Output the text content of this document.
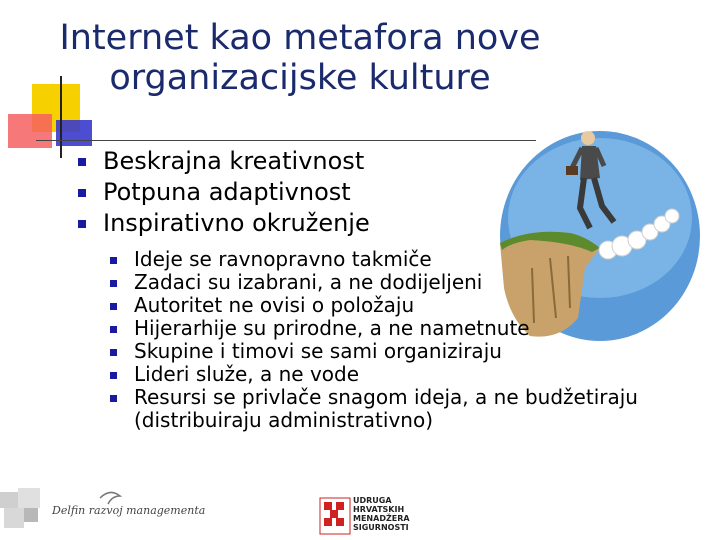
Internet kao metafora nove
organizacijske kulture
Beskrajna kreativnost
Potpuna adaptivnost
Inspirativno okruženje
Ideje se ravnopravno takmiče
Zadaci su izabrani, a ne dodijeljeni
Autoritet ne ovisi o položaju
Hijerarhije su prirodne, a ne nametnute
Skupine i timovi se sami organiziraju
Lideri služe, a ne vode
Resursi se privlače snagom ideja, a ne budžetiraju (distribuiraju administrativno)
Delfin razvoj managementa
UDRUGA
HRVATSKIH
MENADŽERA
SIGURNOSTI
